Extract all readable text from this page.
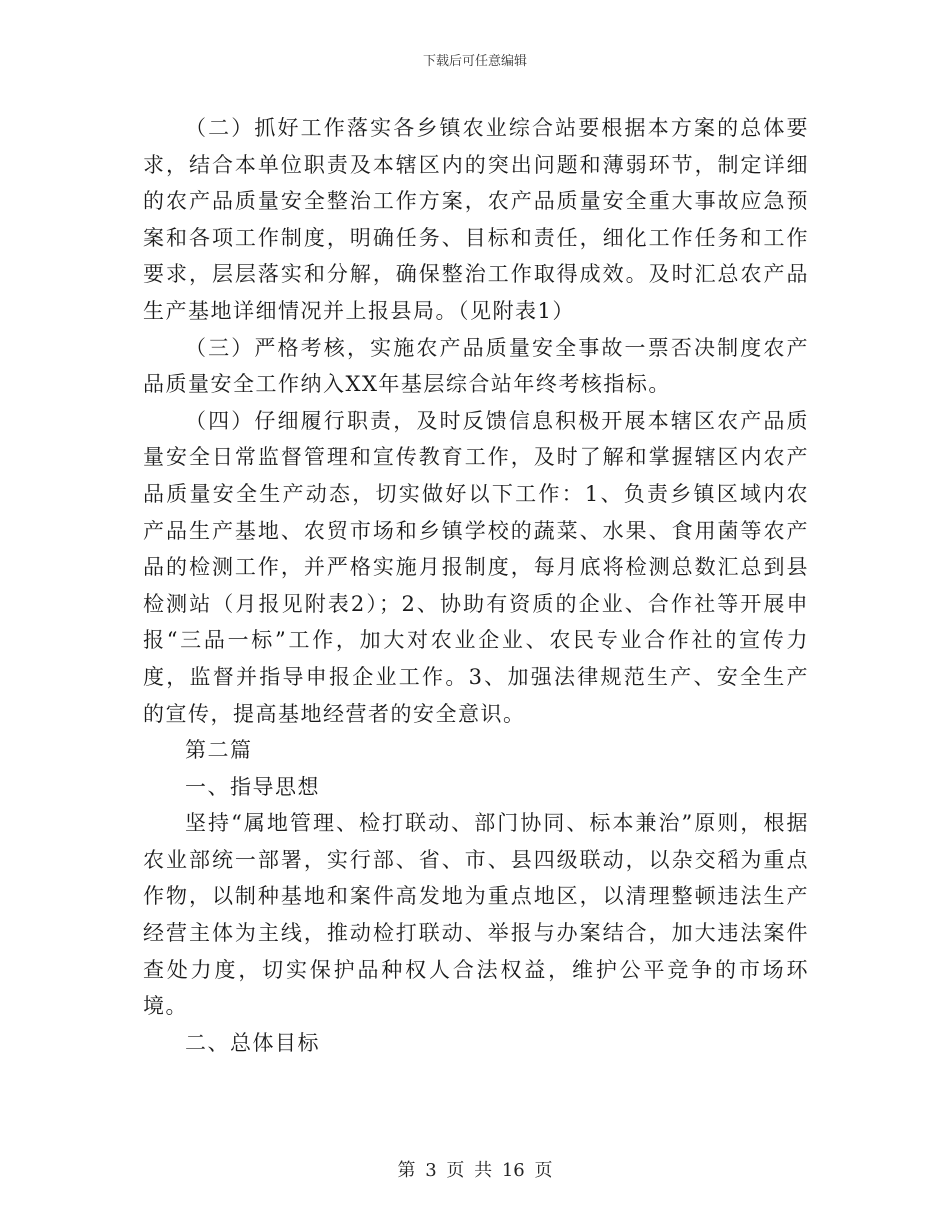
下载后可任意编辑

（二）抓好工作落实各乡镇农业综合站要根据本方案的总体要求，结合本单位职责及本辖区内的突出问题和薄弱环节，制定详细的农产品质量安全整治工作方案，农产品质量安全重大事故应急预案和各项工作制度，明确任务、目标和责任，细化工作任务和工作要求，层层落实和分解，确保整治工作取得成效。及时汇总农产品生产基地详细情况并上报县局。（见附表1）

（三）严格考核，实施农产品质量安全事故一票否决制度农产品质量安全工作纳入XX年基层综合站年终考核指标。

（四）仔细履行职责，及时反馈信息积极开展本辖区农产品质量安全日常监督管理和宣传教育工作，及时了解和掌握辖区内农产品质量安全生产动态，切实做好以下工作：1、负责乡镇区域内农产品生产基地、农贸市场和乡镇学校的蔬菜、水果、食用菌等农产品的检测工作，并严格实施月报制度，每月底将检测总数汇总到县检测站（月报见附表2）；2、协助有资质的企业、合作社等开展申报“三品一标”工作，加大对农业企业、农民专业合作社的宣传力度，监督并指导申报企业工作。3、加强法律规范生产、安全生产的宣传，提高基地经营者的安全意识。

第二篇

一、指导思想

坚持“属地管理、检打联动、部门协同、标本兼治”原则，根据农业部统一部署，实行部、省、市、县四级联动，以杂交稻为重点作物，以制种基地和案件高发地为重点地区，以清理整顿违法生产经营主体为主线，推动检打联动、举报与办案结合，加大违法案件查处力度，切实保护品种权人合法权益，维护公平竞争的市场环境。

二、总体目标

第 3 页 共 16 页
